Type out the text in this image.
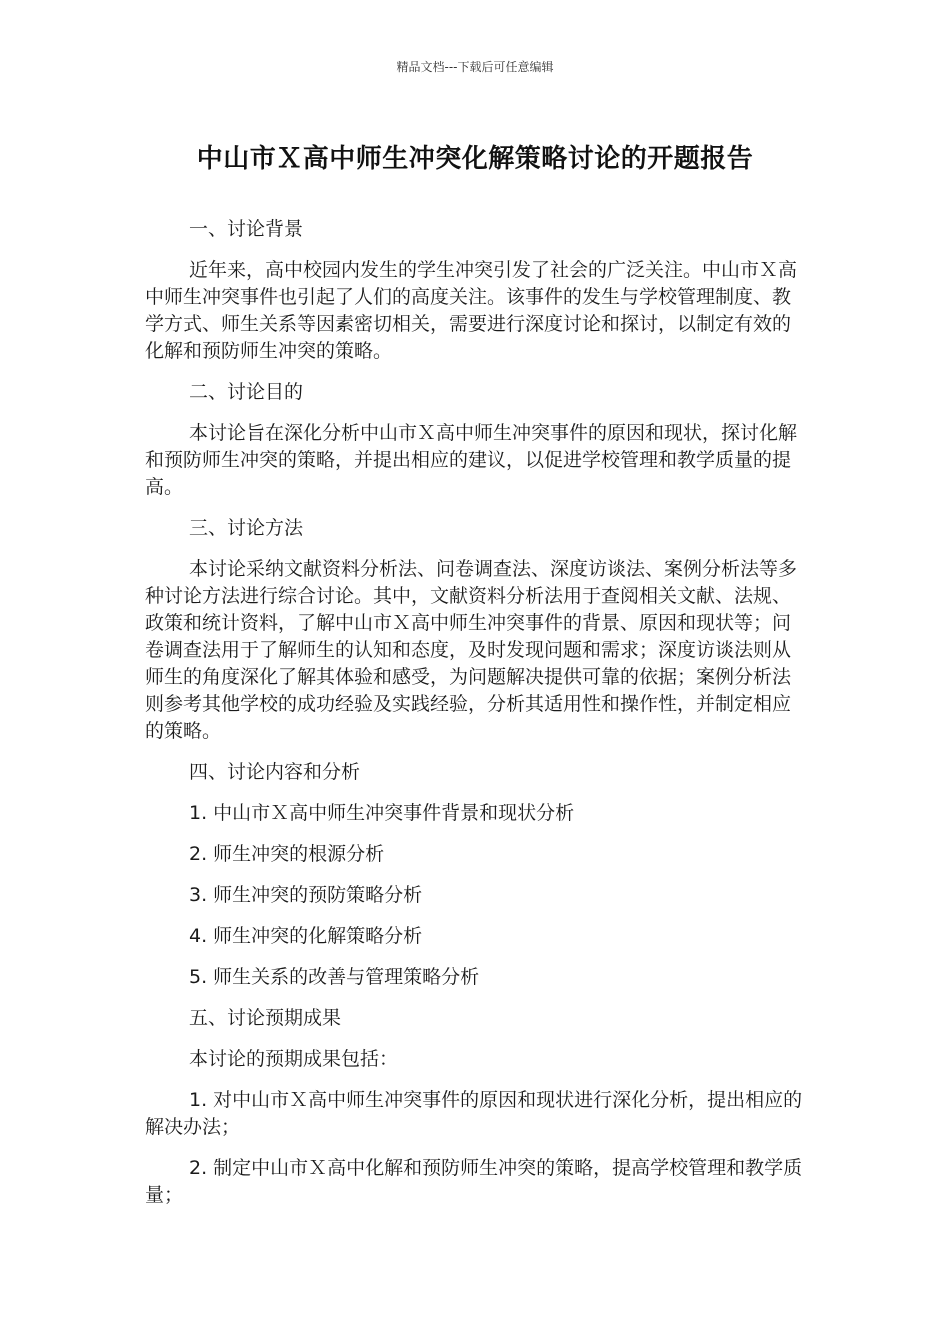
精品文档---下载后可任意编辑
中山市Ｘ高中师生冲突化解策略讨论的开题报告

一、讨论背景

近年来，高中校园内发生的学生冲突引发了社会的广泛关注。中山市Ｘ高中师生冲突事件也引起了人们的高度关注。该事件的发生与学校管理制度、教学方式、师生关系等因素密切相关，需要进行深度讨论和探讨，以制定有效的化解和预防师生冲突的策略。

二、讨论目的

本讨论旨在深化分析中山市Ｘ高中师生冲突事件的原因和现状，探讨化解和预防师生冲突的策略，并提出相应的建议，以促进学校管理和教学质量的提高。

三、讨论方法

本讨论采纳文献资料分析法、问卷调查法、深度访谈法、案例分析法等多种讨论方法进行综合讨论。其中，文献资料分析法用于查阅相关文献、法规、政策和统计资料，了解中山市Ｘ高中师生冲突事件的背景、原因和现状等；问卷调查法用于了解师生的认知和态度，及时发现问题和需求；深度访谈法则从师生的角度深化了解其体验和感受，为问题解决提供可靠的依据；案例分析法则参考其他学校的成功经验及实践经验，分析其适用性和操作性，并制定相应的策略。

四、讨论内容和分析

1. 中山市Ｘ高中师生冲突事件背景和现状分析

2. 师生冲突的根源分析

3. 师生冲突的预防策略分析

4. 师生冲突的化解策略分析

5. 师生关系的改善与管理策略分析

五、讨论预期成果

本讨论的预期成果包括：

1. 对中山市Ｘ高中师生冲突事件的原因和现状进行深化分析，提出相应的解决办法；

2. 制定中山市Ｘ高中化解和预防师生冲突的策略，提高学校管理和教学质量；
